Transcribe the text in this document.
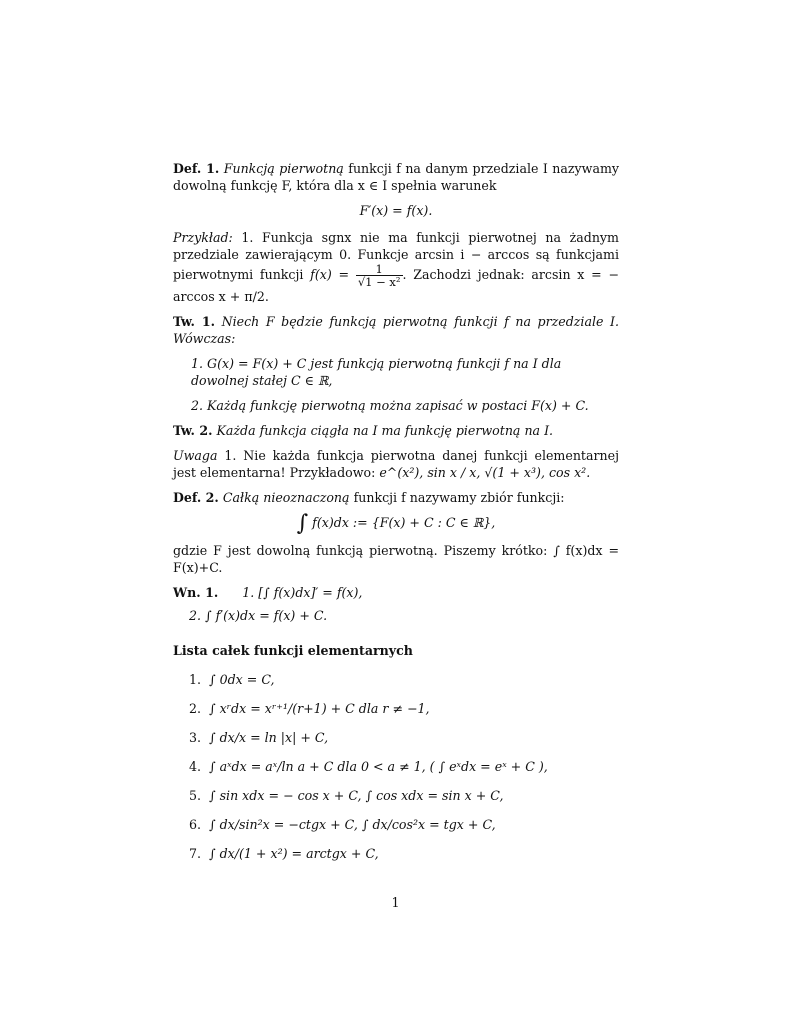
Def. 1. Funkcją pierwotną funkcji f na danym przedziale I nazywamy dowolną funkcję F, która dla x ∈ I spełnia warunek

F′(x) = f(x).

Przykład: 1. Funkcja sgnx nie ma funkcji pierwotnej na żadnym przedziale zawierającym 0. Funkcje arcsin i − arccos są funkcjami pierwotnymi funkcji $f(x) = \frac{1}{\text{√1 − x²}}$ . Zachodzi jednak: arcsin x = − arccos x + π/2.

Tw. 1. Niech F będzie funkcją pierwotną funkcji f na przedziale I. Wówczas:

1. G(x) = F(x) + C jest funkcją pierwotną funkcji f na I dla dowolnej stałej C ∈ ℝ,
2. Każdą funkcję pierwotną można zapisać w postaci F(x) + C.

Tw. 2. Każda funkcja ciągła na I ma funkcję pierwotną na I.

Uwaga 1. Nie każda funkcja pierwotna danej funkcji elementarnej jest elementarna! Przykładowo: e^(x²), sin x / x, √(1 + x³), cos x².

Def. 2. Całką nieoznaczoną funkcji f nazywamy zbiór funkcji:

∫ f(x)dx := {F(x) + C : C ∈ ℝ},

gdzie F jest dowolną funkcją pierwotną. Piszemy krótko: ∫ f(x)dx = F(x)+C.

Wn. 1. 1. [∫ f(x)dx]′ = f(x),
2. ∫ f′(x)dx = f(x) + C.
Lista całek funkcji elementarnych
1. ∫ 0dx = C,
2. ∫ xʳdx = xʳ⁺¹/(r+1) + C dla r ≠ −1,
3. ∫ dx/x = ln |x| + C,
4. ∫ aˣdx = aˣ/ln a + C dla 0 < a ≠ 1, ( ∫ eˣdx = eˣ + C ),
5. ∫ sin xdx = − cos x + C, ∫ cos xdx = sin x + C,
6. ∫ dx/sin²x = −ctgx + C, ∫ dx/cos²x = tgx + C,
7. ∫ dx/(1 + x²) = arctgx + C,
1
